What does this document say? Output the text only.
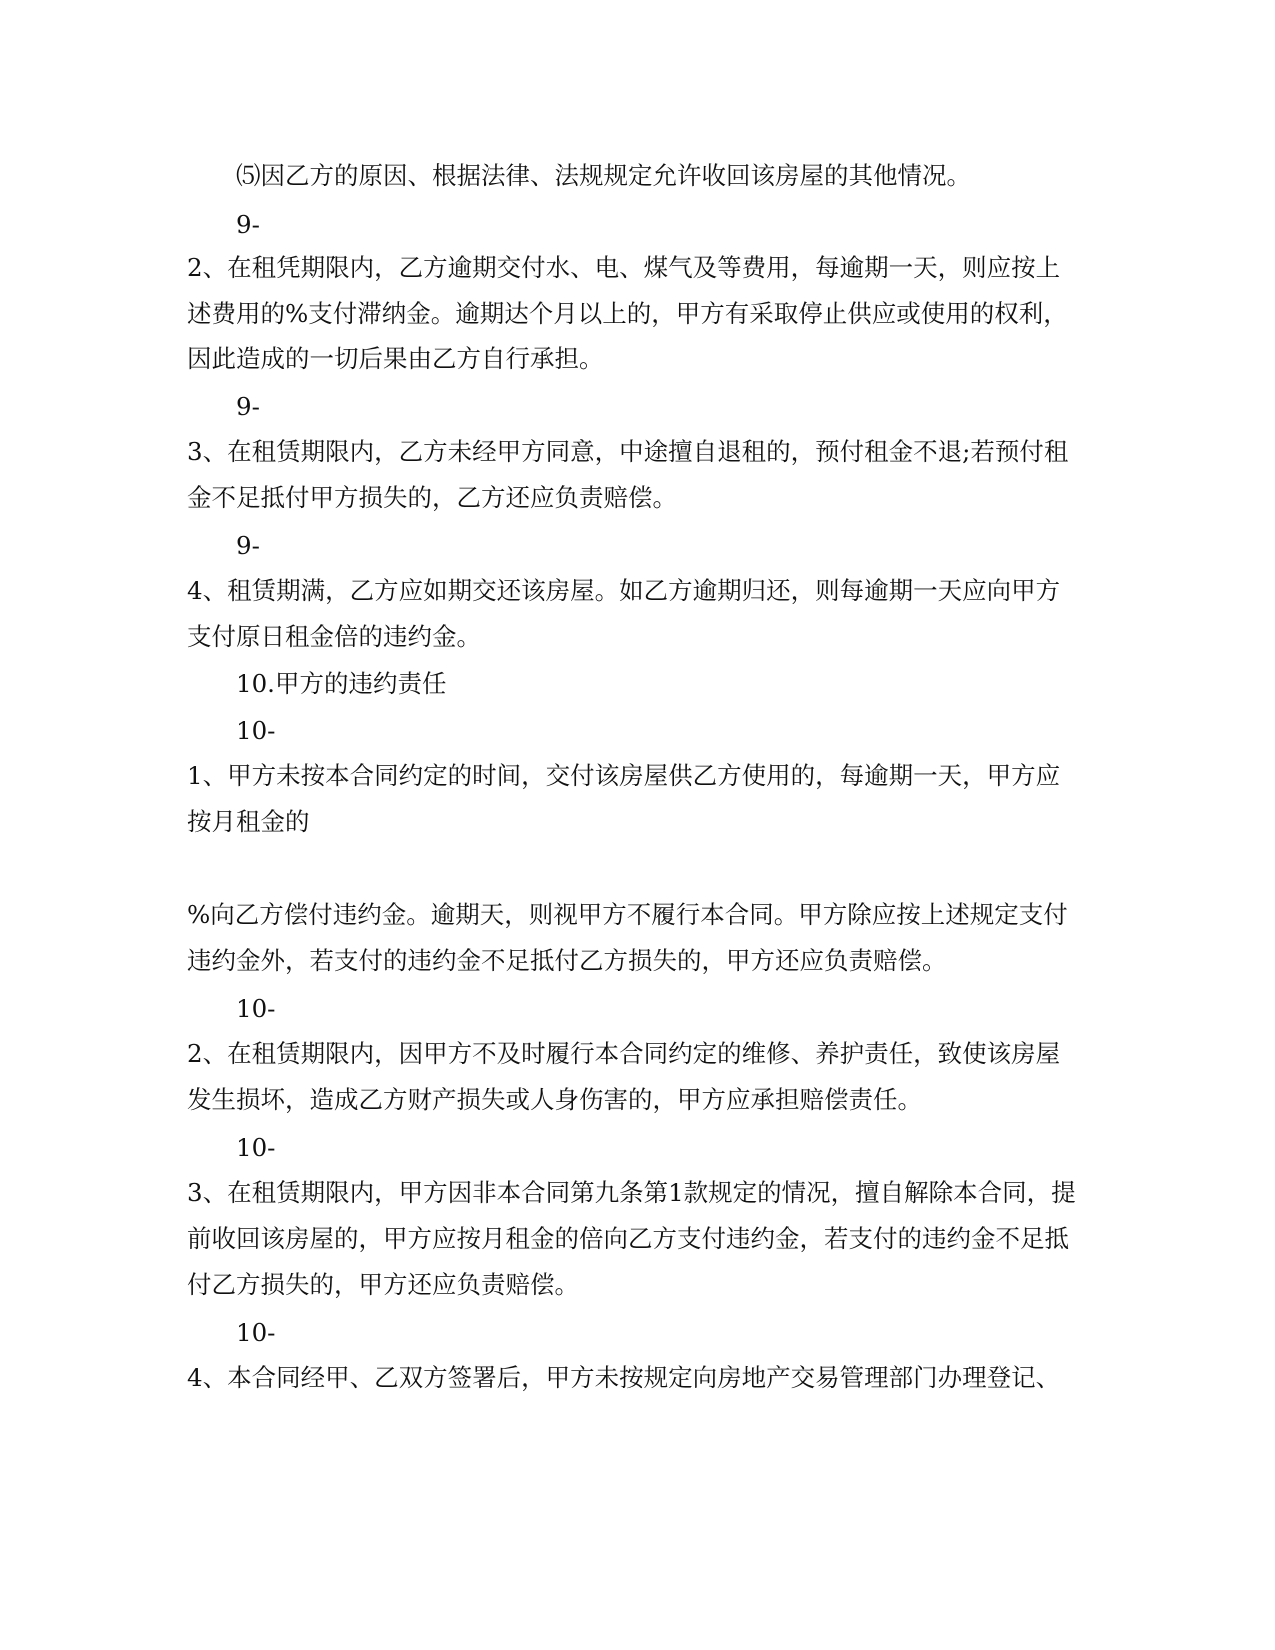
⑸因乙方的原因、根据法律、法规规定允许收回该房屋的其他情况。
9-
2、在租凭期限内，乙方逾期交付水、电、煤气及等费用，每逾期一天，则应按上
述费用的%支付滞纳金。逾期达个月以上的，甲方有采取停止供应或使用的权利，
因此造成的一切后果由乙方自行承担。
9-
3、在租赁期限内，乙方未经甲方同意，中途擅自退租的，预付租金不退;若预付租
金不足抵付甲方损失的，乙方还应负责赔偿。
9-
4、租赁期满，乙方应如期交还该房屋。如乙方逾期归还，则每逾期一天应向甲方
支付原日租金倍的违约金。
10.甲方的违约责任
10-
1、甲方未按本合同约定的时间，交付该房屋供乙方使用的，每逾期一天，甲方应
按月租金的
%向乙方偿付违约金。逾期天，则视甲方不履行本合同。甲方除应按上述规定支付
违约金外，若支付的违约金不足抵付乙方损失的，甲方还应负责赔偿。
10-
2、在租赁期限内，因甲方不及时履行本合同约定的维修、养护责任，致使该房屋
发生损坏，造成乙方财产损失或人身伤害的，甲方应承担赔偿责任。
10-
3、在租赁期限内，甲方因非本合同第九条第1款规定的情况，擅自解除本合同，提
前收回该房屋的，甲方应按月租金的倍向乙方支付违约金，若支付的违约金不足抵
付乙方损失的，甲方还应负责赔偿。
10-
4、本合同经甲、乙双方签署后，甲方未按规定向房地产交易管理部门办理登记、
